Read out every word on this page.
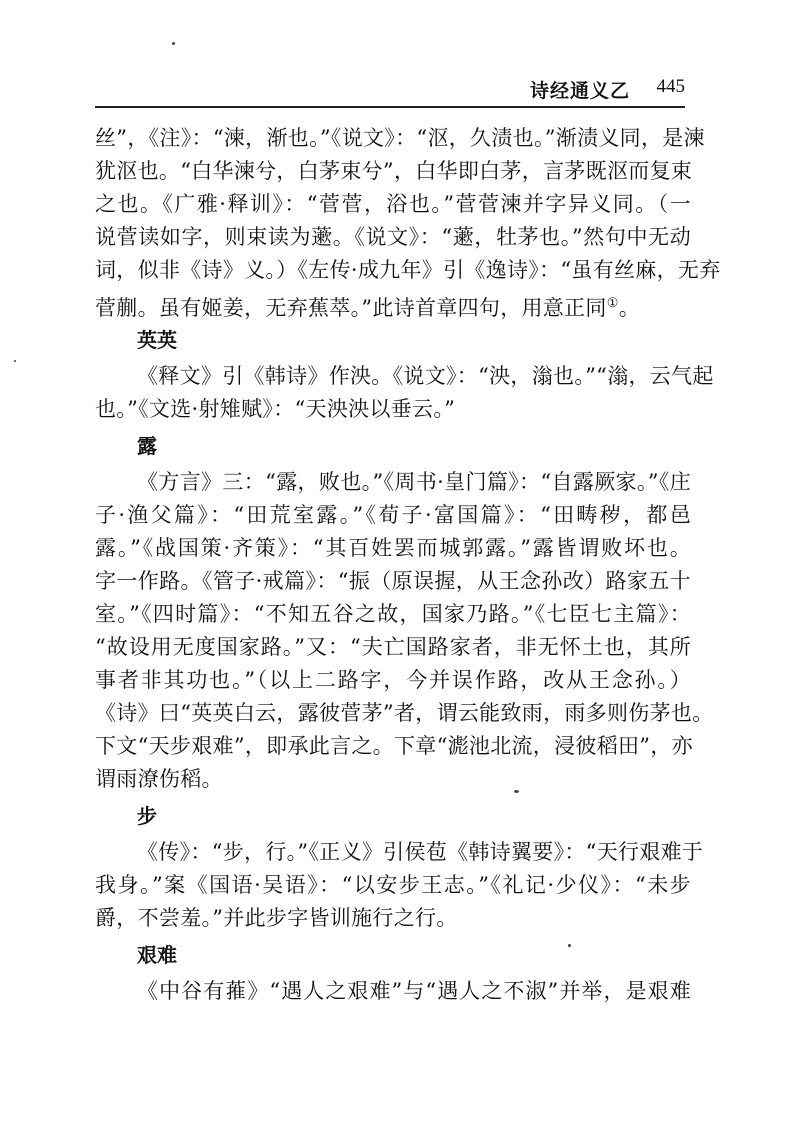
诗经通义乙 445
丝”，《注》：“湅，渐也。”《说文》：“沤，久渍也。”渐渍义同，是湅
犹沤也。“白华湅兮，白茅束兮”，白华即白茅，言茅既沤而复束
之也。《广雅·释训》：“菅菅，浴也。”菅菅湅并字异义同。（一
说菅读如字，则束读为藗。《说文》：“藗，牡茅也。”然句中无动
词，似非《诗》义。）《左传·成九年》引《逸诗》：“虽有丝麻，无弃
菅蒯。虽有姬姜，无弃蕉萃。”此诗首章四句，用意正同①。
英英
《释文》引《韩诗》作泱。《说文》：“泱，滃也。”“滃，云气起
也。”《文选·射雉赋》：“天泱泱以垂云。”
露
《方言》三：“露，败也。”《周书·皇门篇》：“自露厥家。”《庄
子·渔父篇》：“田荒室露。”《荀子·富国篇》：“田畴秽，都邑
露。”《战国策·齐策》：“其百姓罢而城郭露。”露皆谓败坏也。
字一作路。《管子·戒篇》：“振（原误握，从王念孙改）路家五十
室。”《四时篇》：“不知五谷之故，国家乃路。”《七臣七主篇》：
“故设用无度国家路。”又：“夫亡国路家者，非无怀土也，其所
事者非其功也。”（以上二路字，今并误作路，改从王念孙。）
《诗》曰“英英白云，露彼菅茅”者，谓云能致雨，雨多则伤茅也。
下文“天步艰难”，即承此言之。下章“滮池北流，浸彼稻田”，亦
谓雨潦伤稻。
步
《传》：“步，行。”《正义》引侯苞《韩诗翼要》：“天行艰难于
我身。”案《国语·吴语》：“以安步王志。”《礼记·少仪》：“未步
爵，不尝羞。”并此步字皆训施行之行。
艰难
《中谷有蓷》“遇人之艰难”与“遇人之不淑”并举，是艰难
